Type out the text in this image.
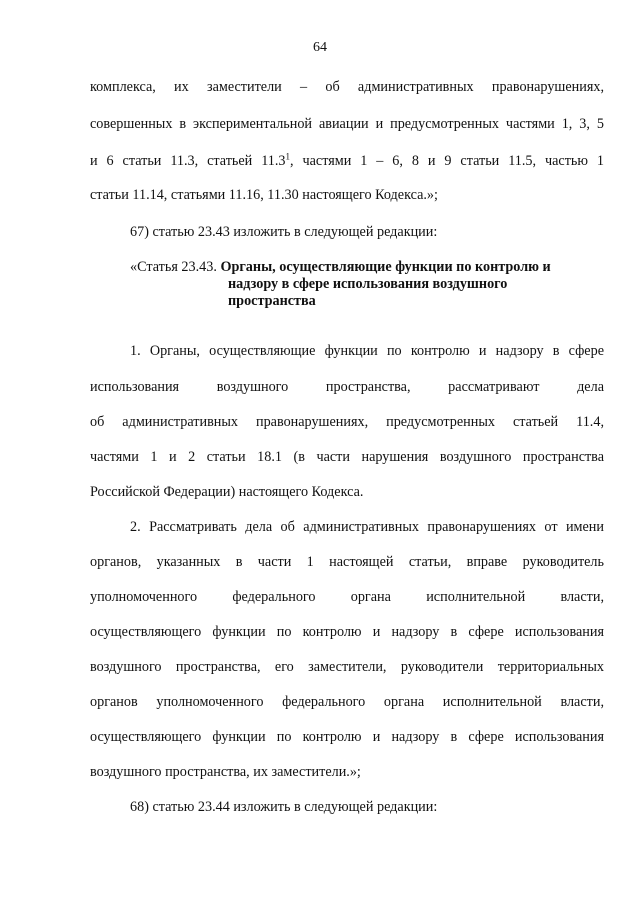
64
комплекса, их заместители – об административных правонарушениях,
совершенных в экспериментальной авиации и предусмотренных частями 1, 3, 5
и 6 статьи 11.3, статьей 11.3$^1$, частями 1 – 6, 8 и 9 статьи 11.5, частью 1
статьи 11.14, статьями 11.16, 11.30 настоящего Кодекса.»;
67) статью 23.43 изложить в следующей редакции:
«Статья 23.43. Органы, осуществляющие функции по контролю и
надзору в сфере использования воздушного
пространства
1. Органы, осуществляющие функции по контролю и надзору в сфере
использования воздушного пространства, рассматривают дела
об административных правонарушениях, предусмотренных статьей 11.4,
частями 1 и 2 статьи 18.1 (в части нарушения воздушного пространства
Российской Федерации) настоящего Кодекса.
2. Рассматривать дела об административных правонарушениях от имени
органов, указанных в части 1 настоящей статьи, вправе руководитель
уполномоченного федерального органа исполнительной власти,
осуществляющего функции по контролю и надзору в сфере использования
воздушного пространства, его заместители, руководители территориальных
органов уполномоченного федерального органа исполнительной власти,
осуществляющего функции по контролю и надзору в сфере использования
воздушного пространства, их заместители.»;
68) статью 23.44 изложить в следующей редакции:
